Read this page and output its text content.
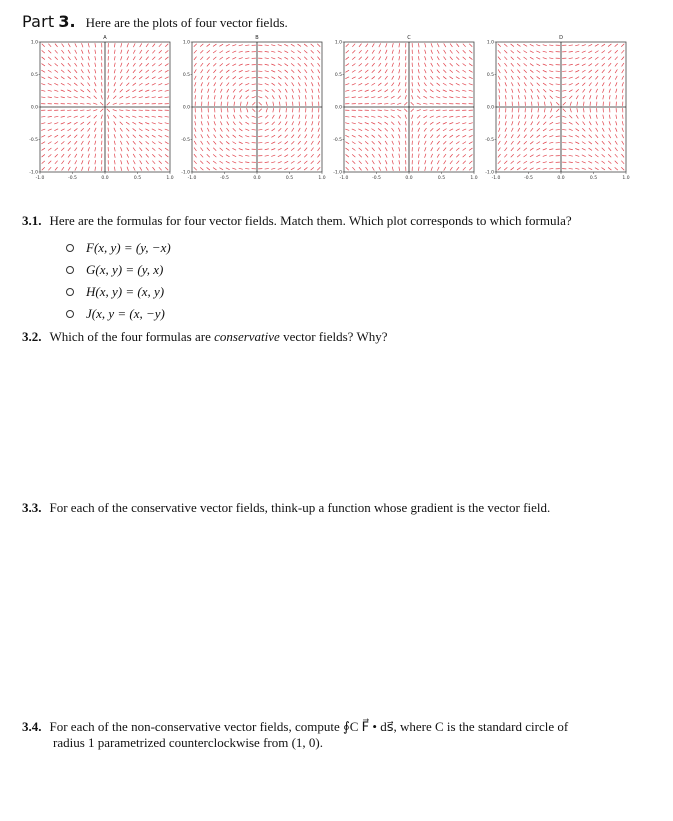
Part 3. Here are the plots of four vector fields.
A
-1.0
-1.0
-0.5
-0.5
0.0
0.0
0.5
0.5
1.0
1.0
B
-1.0
-1.0
-0.5
-0.5
0.0
0.0
0.5
0.5
1.0
1.0
C
-1.0
-1.0
-0.5
-0.5
0.0
0.0
0.5
0.5
1.0
1.0
D
-1.0
-1.0
-0.5
-0.5
0.0
0.0
0.5
0.5
1.0
1.0
3.1. Here are the formulas for four vector fields. Match them. Which plot corresponds to which formula?
F(x, y) = (y, −x)
G(x, y) = (y, x)
H(x, y) = (x, y)
J(x, y = (x, −y)
3.2. Which of the four formulas are conservative vector fields? Why?
3.3. For each of the conservative vector fields, think-up a function whose gradient is the vector field.
3.4. For each of the non-conservative vector fields, compute ∮C F⃗ • ds⃗, where C is the standard circle of
radius 1 parametrized counterclockwise from (1, 0).
